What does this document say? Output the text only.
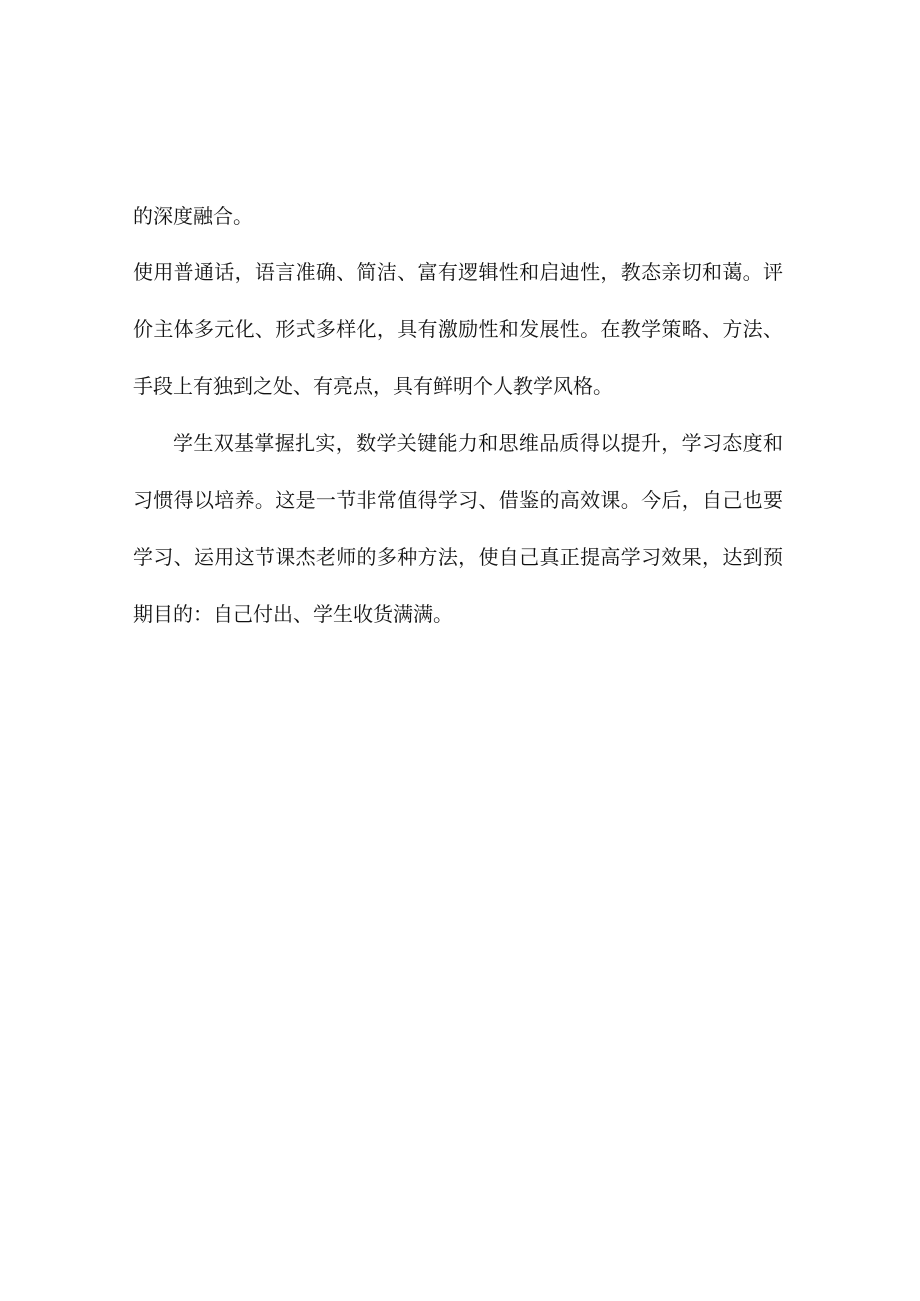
的深度融合。

使用普通话，语言准确、简洁、富有逻辑性和启迪性，教态亲切和蔼。评价主体多元化、形式多样化，具有激励性和发展性。在教学策略、方法、手段上有独到之处、有亮点，具有鲜明个人教学风格。

学生双基掌握扎实，数学关键能力和思维品质得以提升，学习态度和习惯得以培养。这是一节非常值得学习、借鉴的高效课。今后，自己也要学习、运用这节课杰老师的多种方法，使自己真正提高学习效果，达到预期目的：自己付出、学生收货满满。
